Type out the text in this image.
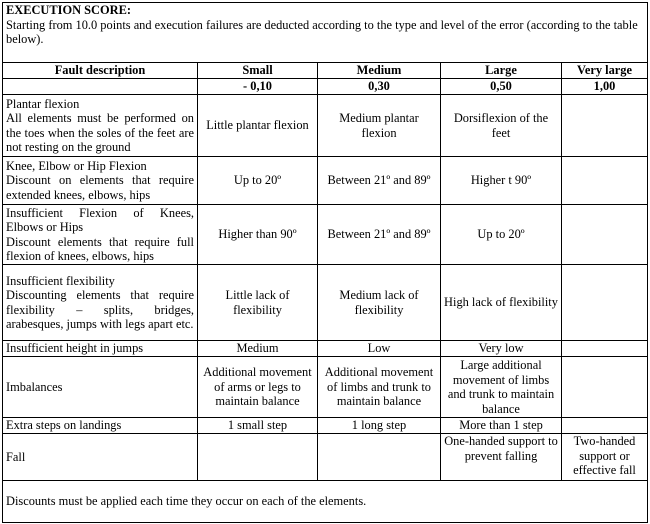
EXECUTION SCORE:
Starting from 10.0 points and execution failures are deducted according to the type and level of the error (according to the table below).				
Fault description	Small	Medium	Large	Very large
	- 0,10	0,30	0,50	1,00

Plantar flexion
All elements must be performed on the toes when the soles of the feet are not resting on the ground	Little plantar flexion	Medium plantar flexion	Dorsiflexion of the feet	

Knee, Elbow or Hip Flexion
Discount on elements that require extended knees, elbows, hips	Up to 20º	Between 21º and 89º	Higher t 90º	

Insufficient Flexion of Knees, Elbows or Hips
Discount elements that require full flexion of knees, elbows, hips	Higher than 90º	Between 21º and 89º	Up to 20º	

Insufficient flexibility
Discounting elements that require flexibility – splits, bridges, arabesques, jumps with legs apart etc.	Little lack of flexibility	Medium lack of flexibility	High lack of flexibility	
Insufficient height in jumps	Medium	Low	Very low	
Imbalances	Additional movement of arms or legs to maintain balance	Additional movement of limbs and trunk to maintain balance	Large additional movement of limbs and trunk to maintain balance	
Extra steps on landings	1 small step	1 long step	More than 1 step	
Fall			One-handed support to prevent falling	Two-handed support or effective fall
Discounts must be applied each time they occur on each of the elements.				
